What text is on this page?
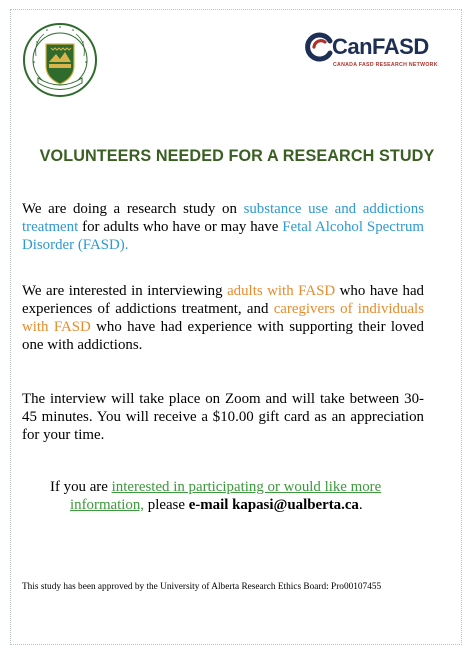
CanFASD
CANADA FASD RESEARCH NETWORK
VOLUNTEERS NEEDED FOR A RESEARCH STUDY
We are doing a research study on substance use and addictions treatment for adults who have or may have Fetal Alcohol Spectrum Disorder (FASD).
We are interested in interviewing adults with FASD who have had experiences of addictions treatment, and caregivers of individuals with FASD who have had experience with supporting their loved one with addictions.
The interview will take place on Zoom and will take between 30-45 minutes. You will receive a $10.00 gift card as an appreciation for your time.
If you are interested in participating or would like more
information, please e-mail kapasi@ualberta.ca.
This study has been approved by the University of Alberta Research Ethics Board: Pro00107455
